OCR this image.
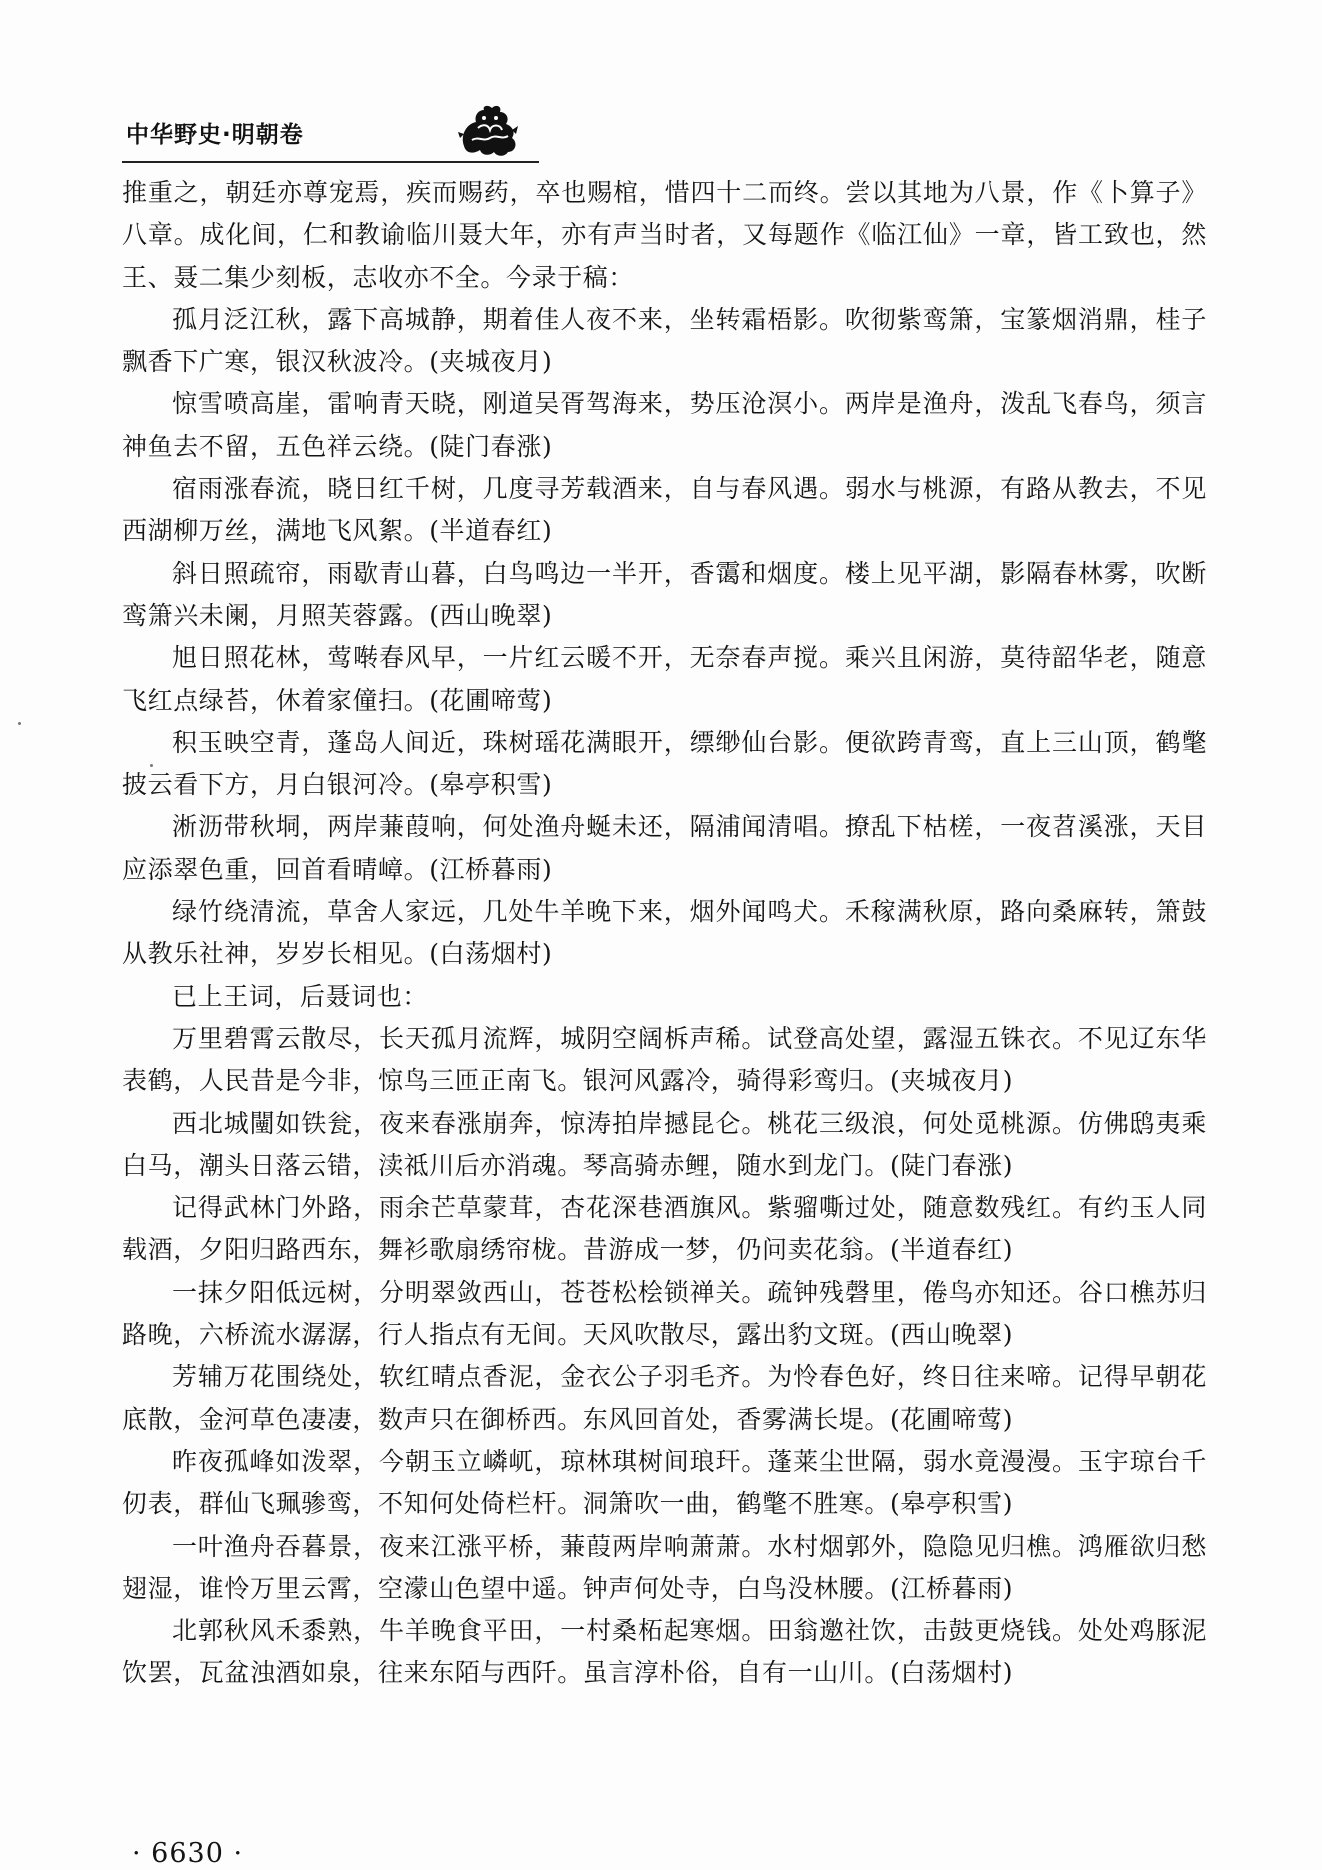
中华野史·明朝卷

推重之，朝廷亦尊宠焉，疾而赐药，卒也赐棺，惜四十二而终。尝以其地为八景，作《卜算子》八章。成化间，仁和教谕临川聂大年，亦有声当时者，又每题作《临江仙》一章，皆工致也，然王、聂二集少刻板，志收亦不全。今录于稿：

孤月泛江秋，露下高城静，期着佳人夜不来，坐转霜梧影。吹彻紫鸾箫，宝篆烟消鼎，桂子飘香下广寒，银汉秋波冷。(夹城夜月)

惊雪喷高崖，雷响青天晓，刚道吴胥驾海来，势压沧溟小。两岸是渔舟，泼乱飞春鸟，须言神鱼去不留，五色祥云绕。(陡门春涨)

宿雨涨春流，晓日红千树，几度寻芳载酒来，自与春风遇。弱水与桃源，有路从教去，不见西湖柳万丝，满地飞风絮。(半道春红)

斜日照疏帘，雨歇青山暮，白鸟鸣边一半开，香霭和烟度。楼上见平湖，影隔春林雾，吹断鸾箫兴未阑，月照芙蓉露。(西山晚翠)

旭日照花林，莺啭春风早，一片红云暖不开，无奈春声搅。乘兴且闲游，莫待韶华老，随意飞红点绿苔，休着家僮扫。(花圃啼莺)

积玉映空青，蓬岛人间近，珠树瑶花满眼开，缥缈仙台影。便欲跨青鸾，直上三山顶，鹤氅披云看下方，月白银河冷。(皋亭积雪)

淅沥带秋垌，两岸蒹葭响，何处渔舟蜒未还，隔浦闻清唱。撩乱下枯槎，一夜苕溪涨，天目应添翠色重，回首看晴嶂。(江桥暮雨)

绿竹绕清流，草舍人家远，几处牛羊晚下来，烟外闻鸣犬。禾稼满秋原，路向桑麻转，箫鼓从教乐社神，岁岁长相见。(白荡烟村)

已上王词，后聂词也：

万里碧霄云散尽，长天孤月流辉，城阴空阔柝声稀。试登高处望，露湿五铢衣。不见辽东华表鹤，人民昔是今非，惊鸟三匝正南飞。银河风露冷，骑得彩鸾归。(夹城夜月)

西北城闉如铁瓮，夜来春涨崩奔，惊涛拍岸撼昆仑。桃花三级浪，何处觅桃源。仿佛鸱夷乘白马，潮头日落云错，渎祗川后亦消魂。琴高骑赤鲤，随水到龙门。(陡门春涨)

记得武林门外路，雨余芒草蒙茸，杏花深巷酒旗风。紫骝嘶过处，随意数残红。有约玉人同载酒，夕阳归路西东，舞衫歌扇绣帘栊。昔游成一梦，仍问卖花翁。(半道春红)

一抹夕阳低远树，分明翠敛西山，苍苍松桧锁禅关。疏钟残磬里，倦鸟亦知还。谷口樵苏归路晚，六桥流水潺潺，行人指点有无间。天风吹散尽，露出豹文斑。(西山晚翠)

芳辅万花围绕处，软红晴点香泥，金衣公子羽毛齐。为怜春色好，终日往来啼。记得早朝花底散，金河草色凄凄，数声只在御桥西。东风回首处，香雾满长堤。(花圃啼莺)

昨夜孤峰如泼翠，今朝玉立嶙屼，琼林琪树间琅玕。蓬莱尘世隔，弱水竟漫漫。玉宇琼台千仞表，群仙飞珮骖鸾，不知何处倚栏杆。洞箫吹一曲，鹤氅不胜寒。(皋亭积雪)

一叶渔舟吞暮景，夜来江涨平桥，蒹葭两岸响萧萧。水村烟郭外，隐隐见归樵。鸿雁欲归愁翅湿，谁怜万里云霄，空濛山色望中遥。钟声何处寺，白鸟没林腰。(江桥暮雨)

北郭秋风禾黍熟，牛羊晚食平田，一村桑柘起寒烟。田翁邀社饮，击鼓更烧钱。处处鸡豚泥饮罢，瓦盆浊酒如泉，往来东陌与西阡。虽言淳朴俗，自有一山川。(白荡烟村)

· 6630 ·
